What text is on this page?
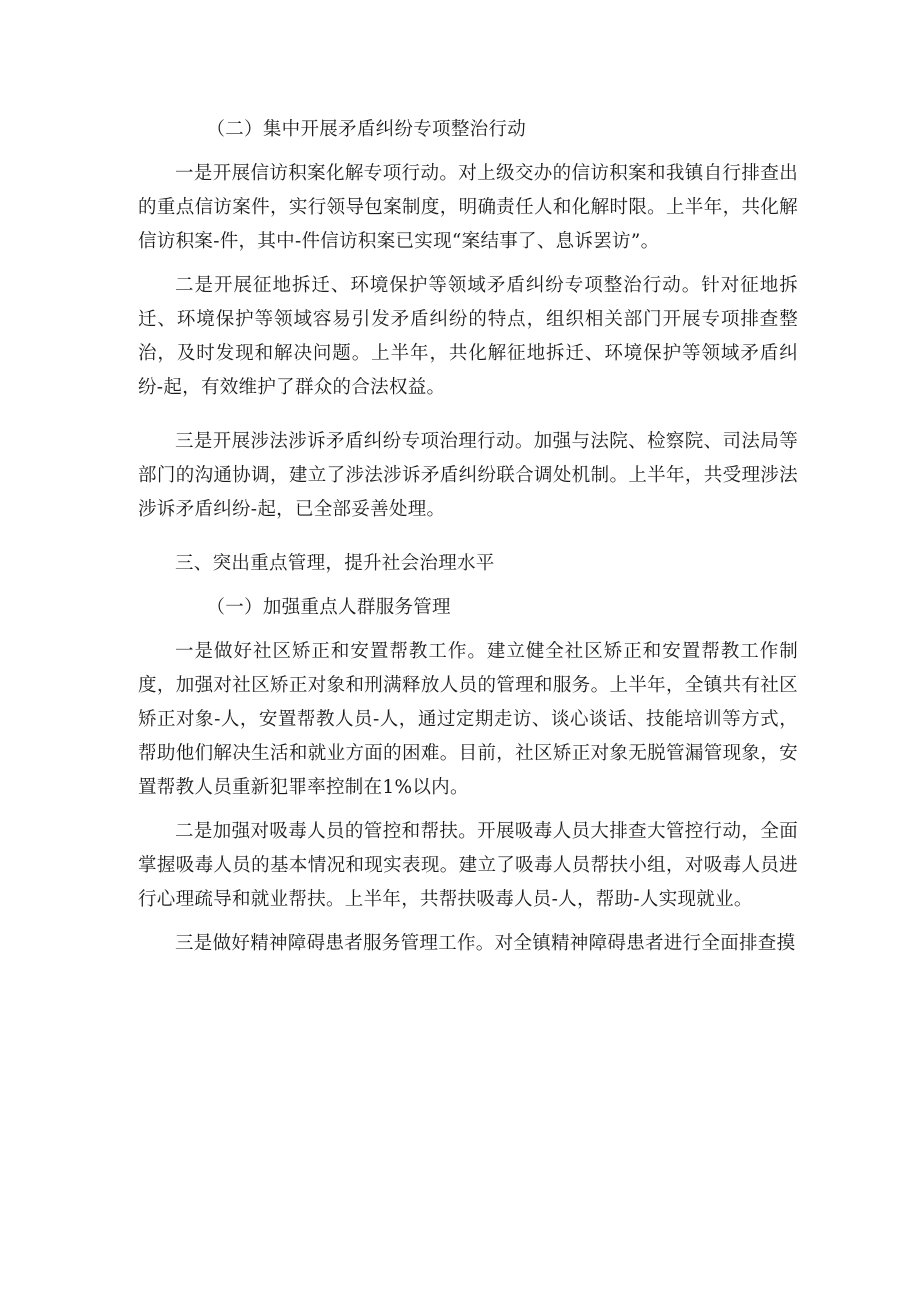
（二）集中开展矛盾纠纷专项整治行动

一是开展信访积案化解专项行动。对上级交办的信访积案和我镇自行排查出的重点信访案件，实行领导包案制度，明确责任人和化解时限。上半年，共化解信访积案-件，其中-件信访积案已实现“案结事了、息诉罢访”。

二是开展征地拆迁、环境保护等领域矛盾纠纷专项整治行动。针对征地拆迁、环境保护等领域容易引发矛盾纠纷的特点，组织相关部门开展专项排查整治，及时发现和解决问题。上半年，共化解征地拆迁、环境保护等领域矛盾纠纷-起，有效维护了群众的合法权益。

三是开展涉法涉诉矛盾纠纷专项治理行动。加强与法院、检察院、司法局等部门的沟通协调，建立了涉法涉诉矛盾纠纷联合调处机制。上半年，共受理涉法涉诉矛盾纠纷-起，已全部妥善处理。

三、突出重点管理，提升社会治理水平

（一）加强重点人群服务管理

一是做好社区矫正和安置帮教工作。建立健全社区矫正和安置帮教工作制度，加强对社区矫正对象和刑满释放人员的管理和服务。上半年，全镇共有社区矫正对象-人，安置帮教人员-人，通过定期走访、谈心谈话、技能培训等方式，帮助他们解决生活和就业方面的困难。目前，社区矫正对象无脱管漏管现象，安置帮教人员重新犯罪率控制在1%以内。

二是加强对吸毒人员的管控和帮扶。开展吸毒人员大排查大管控行动，全面掌握吸毒人员的基本情况和现实表现。建立了吸毒人员帮扶小组，对吸毒人员进行心理疏导和就业帮扶。上半年，共帮扶吸毒人员-人，帮助-人实现就业。

三是做好精神障碍患者服务管理工作。对全镇精神障碍患者进行全面排查摸
